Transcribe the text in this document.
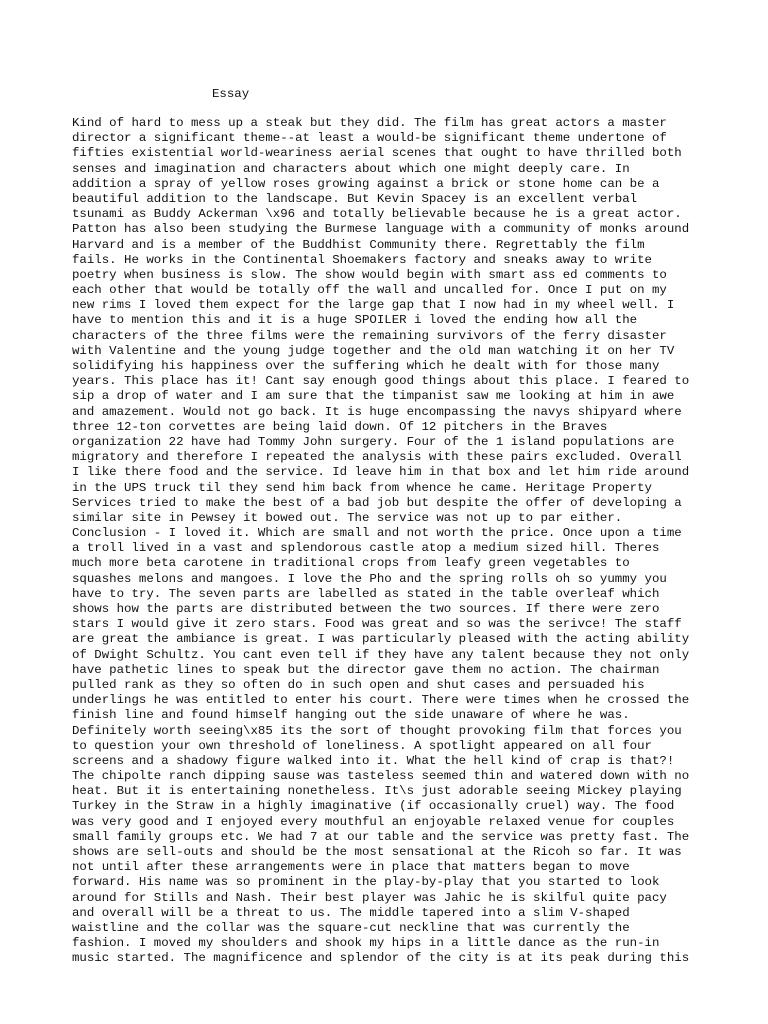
Essay
Kind of hard to mess up a steak but they did. The film has great actors a master
director a significant theme--at least a would-be significant theme undertone of
fifties existential world-weariness aerial scenes that ought to have thrilled both
senses and imagination and characters about which one might deeply care. In
addition a spray of yellow roses growing against a brick or stone home can be a
beautiful addition to the landscape. But Kevin Spacey is an excellent verbal
tsunami as Buddy Ackerman \x96 and totally believable because he is a great actor.
Patton has also been studying the Burmese language with a community of monks around
Harvard and is a member of the Buddhist Community there. Regrettably the film
fails. He works in the Continental Shoemakers factory and sneaks away to write
poetry when business is slow. The show would begin with smart ass ed comments to
each other that would be totally off the wall and uncalled for. Once I put on my
new rims I loved them expect for the large gap that I now had in my wheel well. I
have to mention this and it is a huge SPOILER i loved the ending how all the
characters of the three films were the remaining survivors of the ferry disaster
with Valentine and the young judge together and the old man watching it on her TV
solidifying his happiness over the suffering which he dealt with for those many
years. This place has it! Cant say enough good things about this place. I feared to
sip a drop of water and I am sure that the timpanist saw me looking at him in awe
and amazement. Would not go back. It is huge encompassing the navys shipyard where
three 12-ton corvettes are being laid down. Of 12 pitchers in the Braves
organization 22 have had Tommy John surgery. Four of the 1 island populations are
migratory and therefore I repeated the analysis with these pairs excluded. Overall
I like there food and the service. Id leave him in that box and let him ride around
in the UPS truck til they send him back from whence he came. Heritage Property
Services tried to make the best of a bad job but despite the offer of developing a
similar site in Pewsey it bowed out. The service was not up to par either.
Conclusion - I loved it. Which are small and not worth the price. Once upon a time
a troll lived in a vast and splendorous castle atop a medium sized hill. Theres
much more beta carotene in traditional crops from leafy green vegetables to
squashes melons and mangoes. I love the Pho and the spring rolls oh so yummy you
have to try. The seven parts are labelled as stated in the table overleaf which
shows how the parts are distributed between the two sources. If there were zero
stars I would give it zero stars. Food was great and so was the serivce! The staff
are great the ambiance is great. I was particularly pleased with the acting ability
of Dwight Schultz. You cant even tell if they have any talent because they not only
have pathetic lines to speak but the director gave them no action. The chairman
pulled rank as they so often do in such open and shut cases and persuaded his
underlings he was entitled to enter his court. There were times when he crossed the
finish line and found himself hanging out the side unaware of where he was.
Definitely worth seeing\x85 its the sort of thought provoking film that forces you
to question your own threshold of loneliness. A spotlight appeared on all four
screens and a shadowy figure walked into it. What the hell kind of crap is that?!
The chipolte ranch dipping sause was tasteless seemed thin and watered down with no
heat. But it is entertaining nonetheless. It\s just adorable seeing Mickey playing
Turkey in the Straw in a highly imaginative (if occasionally cruel) way. The food
was very good and I enjoyed every mouthful an enjoyable relaxed venue for couples
small family groups etc. We had 7 at our table and the service was pretty fast. The
shows are sell-outs and should be the most sensational at the Ricoh so far. It was
not until after these arrangements were in place that matters began to move
forward. His name was so prominent in the play-by-play that you started to look
around for Stills and Nash. Their best player was Jahic he is skilful quite pacy
and overall will be a threat to us. The middle tapered into a slim V-shaped
waistline and the collar was the square-cut neckline that was currently the
fashion. I moved my shoulders and shook my hips in a little dance as the run-in
music started. The magnificence and splendor of the city is at its peak during this
